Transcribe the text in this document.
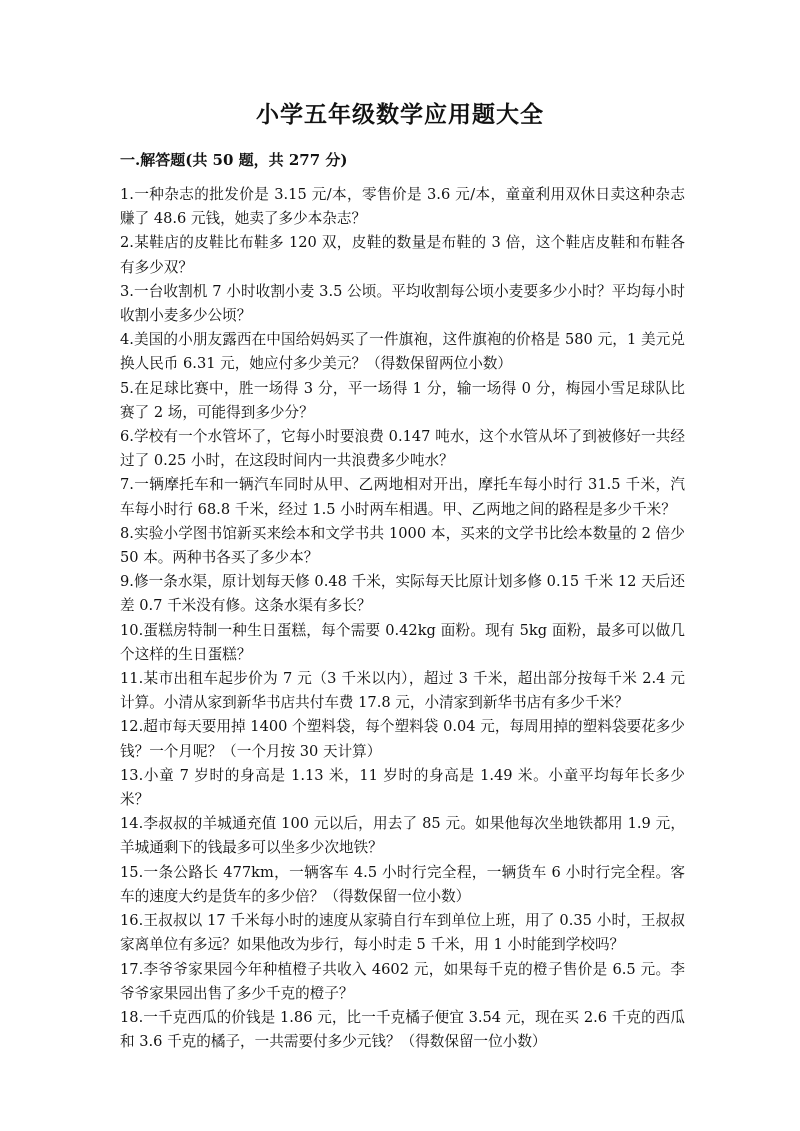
小学五年级数学应用题大全
一.解答题(共 50 题，共 277 分)
1.一种杂志的批发价是 3.15 元/本，零售价是 3.6 元/本，童童利用双休日卖这种杂志赚了 48.6 元钱，她卖了多少本杂志？
2.某鞋店的皮鞋比布鞋多 120 双，皮鞋的数量是布鞋的 3 倍，这个鞋店皮鞋和布鞋各有多少双？
3.一台收割机 7 小时收割小麦 3.5 公顷。平均收割每公顷小麦要多少小时？平均每小时收割小麦多少公顷？
4.美国的小朋友露西在中国给妈妈买了一件旗袍，这件旗袍的价格是 580 元，1 美元兑换人民币 6.31 元，她应付多少美元？（得数保留两位小数）
5.在足球比赛中，胜一场得 3 分，平一场得 1 分，输一场得 0 分，梅园小雪足球队比赛了 2 场，可能得到多少分？
6.学校有一个水管坏了，它每小时要浪费 0.147 吨水，这个水管从坏了到被修好一共经过了 0.25 小时，在这段时间内一共浪费多少吨水？
7.一辆摩托车和一辆汽车同时从甲、乙两地相对开出，摩托车每小时行 31.5 千米，汽车每小时行 68.8 千米，经过 1.5 小时两车相遇。甲、乙两地之间的路程是多少千米？
8.实验小学图书馆新买来绘本和文学书共 1000 本，买来的文学书比绘本数量的 2 倍少 50 本。两种书各买了多少本？
9.修一条水渠，原计划每天修 0.48 千米，实际每天比原计划多修 0.15 千米 12 天后还差 0.7 千米没有修。这条水渠有多长？
10.蛋糕房特制一种生日蛋糕，每个需要 0.42kg 面粉。现有 5kg 面粉，最多可以做几个这样的生日蛋糕？
11.某市出租车起步价为 7 元（3 千米以内），超过 3 千米，超出部分按每千米 2.4 元计算。小清从家到新华书店共付车费 17.8 元，小清家到新华书店有多少千米？
12.超市每天要用掉 1400 个塑料袋，每个塑料袋 0.04 元，每周用掉的塑料袋要花多少钱？一个月呢？（一个月按 30 天计算）
13.小童 7 岁时的身高是 1.13 米，11 岁时的身高是 1.49 米。小童平均每年长多少米？
14.李叔叔的羊城通充值 100 元以后，用去了 85 元。如果他每次坐地铁都用 1.9 元，羊城通剩下的钱最多可以坐多少次地铁？
15.一条公路长 477km，一辆客车 4.5 小时行完全程，一辆货车 6 小时行完全程。客车的速度大约是货车的多少倍？（得数保留一位小数）
16.王叔叔以 17 千米每小时的速度从家骑自行车到单位上班，用了 0.35 小时，王叔叔家离单位有多远？如果他改为步行，每小时走 5 千米，用 1 小时能到学校吗？
17.李爷爷家果园今年种植橙子共收入 4602 元，如果每千克的橙子售价是 6.5 元。李爷爷家果园出售了多少千克的橙子？
18.一千克西瓜的价钱是 1.86 元，比一千克橘子便宜 3.54 元，现在买 2.6 千克的西瓜和 3.6 千克的橘子，一共需要付多少元钱？（得数保留一位小数）
